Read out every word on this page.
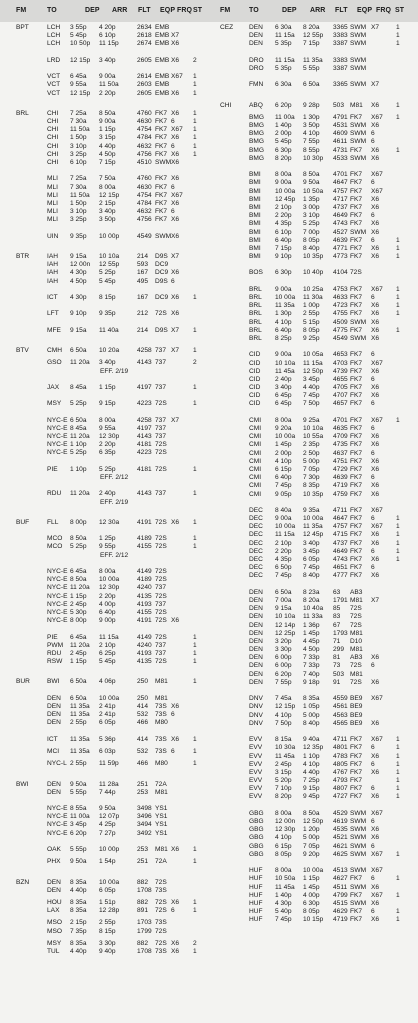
FM	TO	DEP ARR FLT EQP FRQ ST	FM	TO	DEP ARR FLT EQP FRQ ST
BPT	LCH 3 55p 4 20p	2634 EMB
LCH 5 45p 6 10p	2618 EMB X7
LCH 10 50p 11 15p	2674 EMB X6
LRD 12 15p 3 40p	2605 EMB X6 2
VCT 6 45a 9 00a	2614 EMB X67 1
VCT 9 55a 11 50a	2603 EMB	1
VCT 12 15p 2 20p	2605 EMB X6 1
BRL	CHI 7 25a 8 50a	4760 FK7 X6 1
CHI 7 30a 9 00a	4630 FK7 6	1
CHI 11 50a 1 15p	4754 FK7 X67 1
CHI 1 50p 3 15p	4784 FK7 X6 1
CHI 3 10p 4 40p	4632 FK7 6	1
CHI 3 25p 4 50p	4756 FK7 X6 1
CHI 6 10p 7 15p	4510 SWM X6
MLI 7 25a 7 50a	4760 FK7 X6
MLI 7 30a 8 00a	4630 FK7 6
MLI 11 50a 12 15p	4754 FK7 X67
MLI 1 50p 2 15p	4784 FK7 X6
MLI 3 10p 3 40p	4632 FK7 6
MLI 3 25p 3 50p	4756 FK7 X6
UIN 9 35p 10 00p	4549 SWM X6
BTR	IAH 9 15a 10 10a	214 D9S X7
IAH 12 00n 12 55p	593 DC9
IAH 4 30p 5 25p	167 DC9 X6
IAH 4 50p 5 45p	495 D9S 6
ICT 4 30p 8 15p	167 DC9 X6 1
LFT 9 10p 9 35p	212 72S X6
MFE 9 15a 11 40a	214 D9S X7 1
BTV	CMH 6 50a 10 20a	4258 737 X7 1
GSO 11 20a 3 40p	4143 737	2
EFF. 2/19
JAX 8 45a 1 15p	4197 737	1
MSY 5 25p 9 15p	4223 72S	1
NYC-E 6 50a 8 00a	4258 737 X7
NYC-E 8 45a 9 55a	4197 737
NYC-E 11 20a 12 30p	4143 737
NYC-E 1 10p 2 20p	4181 72S
NYC-E 5 25p 6 35p	4223 72S
PIE 1 10p 5 25p	4181 72S	1
EFF. 2/12
RDU 11 20a 2 40p	4143 737	1
EFF. 2/19
BUF	FLL 8 00p 12 30a	4191 72S X6 1
MCO 8 50a 1 25p	4189 72S	1
MCO 5 25p 9 55p	4155 72S	1
EFF. 2/12
NYC-E 6 45a 8 00a	4149 72S
NYC-E 8 50a 10 00a	4189 72S
NYC-E 11 20a 12 30p	4240 737
NYC-E 1 15p 2 20p	4135 72S
NYC-E 2 45p 4 00p	4193 737
NYC-E 5 30p 6 40p	4155 72S
NYC-E 8 00p 9 00p	4191 72S X6
PIE 6 45a 11 15a	4149 72S	1
PWM 11 20a 2 10p	4240 737	1
RDU 2 45p 6 25p	4193 737	1
RSW 1 15p 5 45p	4135 72S	1
BUR	BWI 6 50a 4 06p	250 M81	1
DEN 6 50a 10 00a	250 M81
DEN 11 35a 2 41p	414 73S X6
DEN 11 35a 2 41p	532 73S 6
DEN 2 55p 6 05p	466 M80
ICT 11 35a 5 36p	414 73S X6 1
MCI 11 35a 6 03p	532 73S 6	1
NYC-L 2 55p 11 59p	466 M80	1
BWI	DEN 9 50a 11 28a	251 72A
DEN 5 55p 7 44p	253 M81
NYC-E 8 55a 9 50a	3498 YS1
NYC-E 11 00a 12 07p	3496 YS1
NYC-E 3 45p 4 25p	3494 YS1
NYC-E 6 20p 7 27p	3492 YS1
OAK 5 55p 10 00p	253 M81 X6 1
PHX 9 50a 1 54p	251 72A	1
BZN	DEN 8 35a 10 00a	882 72S
DEN 4 40p 6 05p	1708 73S
HOU 8 35a 1 51p	882 72S X6 1
LAX 8 35a 12 28p	891 72S 6	1
MSO 2 15p 2 55p	1703 73S
MSO 7 35p 8 15p	1799 72S
MSY 8 35a 3 30p	882 72S X6 2
TUL 4 40p 9 40p	1708 73S X6 1
CEZ DEN 6 30a 8 20a 3365 SWM X7	1
DEN 11 15a 12 55p 3383 SWM	1
DEN 5 35p 7 15p 3387 SWM	1
DRO 11 15a 11 35a 3383 SWM
DRO 5 35p 5 55p 3387 SWM
FMN 6 30a 6 50a 3365 SWM X7
CHI	ABQ 6 20p 9 28p 503 M81 X6	1
BMG 11 00a 1 30p 4791 FK7 X67 1
BMG 1 40p 3 50p 4531 SWM X6
BMG 2 00p 4 10p 4609 SWM 6
BMG 5 45p 7 55p 4611 SWM 6
BMG 6 30p 8 55p 4731 FK7 X6	1
BMG 8 20p 10 30p 4533 SWM X6
BMI 8 00a 8 50a 4701 FK7 X67
BMI 9 00a 9 50a 4647 FK7 6
BMI 10 00a 10 50a 4757 FK7 X67
BMI 12 45p 1 35p 4717 FK7 X6
BMI 2 10p 3 00p 4737 FK7 X6
BMI 2 20p 3 10p 4649 FK7 6
BMI 4 35p 5 25p 4743 FK7 X6
BMI 6 10p 7 00p 4527 SWM X6
BMI 6 40p 8 05p 4639 FK7 6	1
BMI 7 15p 8 40p 4771 FK7 X6	1
BMI 9 10p 10 35p 4773 FK7 X6	1
BOS 6 30p 10 40p 4104 72S
BRL 9 00a 10 25a 4753 FK7 X67 1
BRL 10 00a 11 30a 4633 FK7 6	1
BRL 11 35a 1 00p 4723 FK7 X6	1
BRL 1 30p 2 55p 4755 FK7 X6	1
BRL 4 10p 5 15p 4509 SWM X6
BRL 6 40p 8 05p 4775 FK7 X6	1
BRL 8 25p 9 25p 4549 SWM X6
CID 9 00a 10 05a 4653 FK7 6
CID 10 10a 11 15a 4703 FK7 X67
CID 11 45a 12 50p 4739 FK7 X6
CID 2 40p 3 45p 4655 FK7 6
CID 3 40p 4 40p 4705 FK7 X6
CID 6 45p 7 45p 4707 FK7 X6
CID 6 45p 7 50p 4657 FK7 6
CMI 8 00a 9 25a 4701 FK7 X67 1
CMI 9 20a 10 10a 4635 FK7 6
CMI 10 00a 10 55a 4709 FK7 X6
CMI 1 45p 2 35p 4735 FK7 X6
CMI 2 00p 2 50p 4637 FK7 6
CMI 4 10p 5 00p 4751 FK7 X6
CMI 6 15p 7 05p 4729 FK7 X6
CMI 6 40p 7 30p 4639 FK7 6
CMI 7 45p 8 35p 4719 FK7 X6
CMI 9 05p 10 35p 4759 FK7 X6
DEC 8 40a 9 35a 4711 FK7 X67
DEC 9 00a 10 00a 4647 FK7 6	1
DEC 10 00a 11 35a 4757 FK7 X67 1
DEC 11 15a 12 45p 4715 FK7 X6	1
DEC 2 10p 3 40p 4737 FK7 X6	1
DEC 2 20p 3 45p 4649 FK7 6	1
DEC 4 35p 6 05p 4743 FK7 X6	1
DEC 6 50p 7 45p 4651 FK7 6
DEC 7 45p 8 40p 4777 FK7 X6
DEN 6 50a 8 23a 63 AB3
DEN 7 00a 8 20a 1791 M81 X7
DEN 9 15a 10 40a 85 72S
DEN 10 10a 11 33a 83 72S
DEN 12 14p 1 36p 67 72S
DEN 12 25p 1 45p 1793 M81
DEN 3 20p 4 45p 71 D10
DEN 3 30p 4 50p 299 M81
DEN 6 00p 7 33p 81 AB3 X6
DEN 6 00p 7 33p 73 72S 6
DEN 6 20p 7 40p 503 M81
DEN 7 55p 9 18p 91 72S X6
DNV 7 45a 8 35a 4559 BE9 X67
DNV 12 15p 1 05p 4561 BE9
DNV 4 10p 5 00p 4563 BE9
DNV 7 50p 8 40p 4565 BE9 X6
EVV 8 15a 9 40a 4711 FK7 X67 1
EVV 10 30a 12 35p 4801 FK7 6	1
EVV 11 45a 1 10p 4783 FK7 X6	1
EVV 2 45p 4 10p 4805 FK7 6	1
EVV 3 15p 4 40p 4767 FK7 X6	1
EVV 5 20p 7 25p 4793 FK7	1
EVV 7 10p 9 15p 4807 FK7 6	1
EVV 8 20p 9 45p 4727 FK7 X6	1
GBG 8 00a 8 50a 4529 SWM X67
GBG 12 00n 12 50p 4619 SWM 6
GBG 12 30p 1 20p 4535 SWM X6
GBG 4 10p 5 00p 4521 SWM X6
GBG 6 15p 7 05p 4621 SWM 6
GBG 8 05p 9 20p 4625 SWM X67 1
HUF 8 00a 10 00a 4513 SWM X67
HUF 10 50a 1 15p 4627 FK7 6	1
HUF 11 45a 1 45p 4511 SWM X6
HUF 1 40p 4 00p 4799 FK7 X67 1
HUF 4 30p 6 30p 4515 SWM X6
HUF 5 40p 8 05p 4629 FK7 6	1
HUF 7 45p 10 15p 4719 FK7 X6	1
